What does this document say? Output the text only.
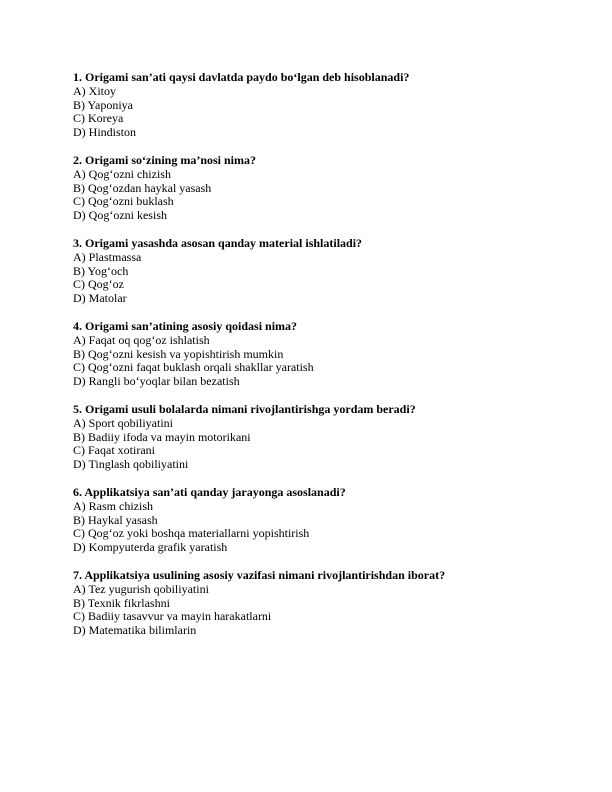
1. Origami san’ati qaysi davlatda paydo bo‘lgan deb hisoblanadi?
A) Xitoy
B) Yaponiya
C) Koreya
D) Hindiston
2. Origami so‘zining ma’nosi nima?
A) Qog‘ozni chizish
B) Qog‘ozdan haykal yasash
C) Qog‘ozni buklash
D) Qog‘ozni kesish
3. Origami yasashda asosan qanday material ishlatiladi?
A) Plastmassa
B) Yog‘och
C) Qog‘oz
D) Matolar
4. Origami san’atining asosiy qoidasi nima?
A) Faqat oq qog‘oz ishlatish
B) Qog‘ozni kesish va yopishtirish mumkin
C) Qog‘ozni faqat buklash orqali shakllar yaratish
D) Rangli bo‘yoqlar bilan bezatish
5. Origami usuli bolalarda nimani rivojlantirishga yordam beradi?
A) Sport qobiliyatini
B) Badiiy ifoda va mayin motorikani
C) Faqat xotirani
D) Tinglash qobiliyatini
6. Applikatsiya san’ati qanday jarayonga asoslanadi?
A) Rasm chizish
B) Haykal yasash
C) Qog‘oz yoki boshqa materiallarni yopishtirish
D) Kompyuterda grafik yaratish
7. Applikatsiya usulining asosiy vazifasi nimani rivojlantirishdan iborat?
A) Tez yugurish qobiliyatini
B) Texnik fikrlashni
C) Badiiy tasavvur va mayin harakatlarni
D) Matematika bilimlarin
